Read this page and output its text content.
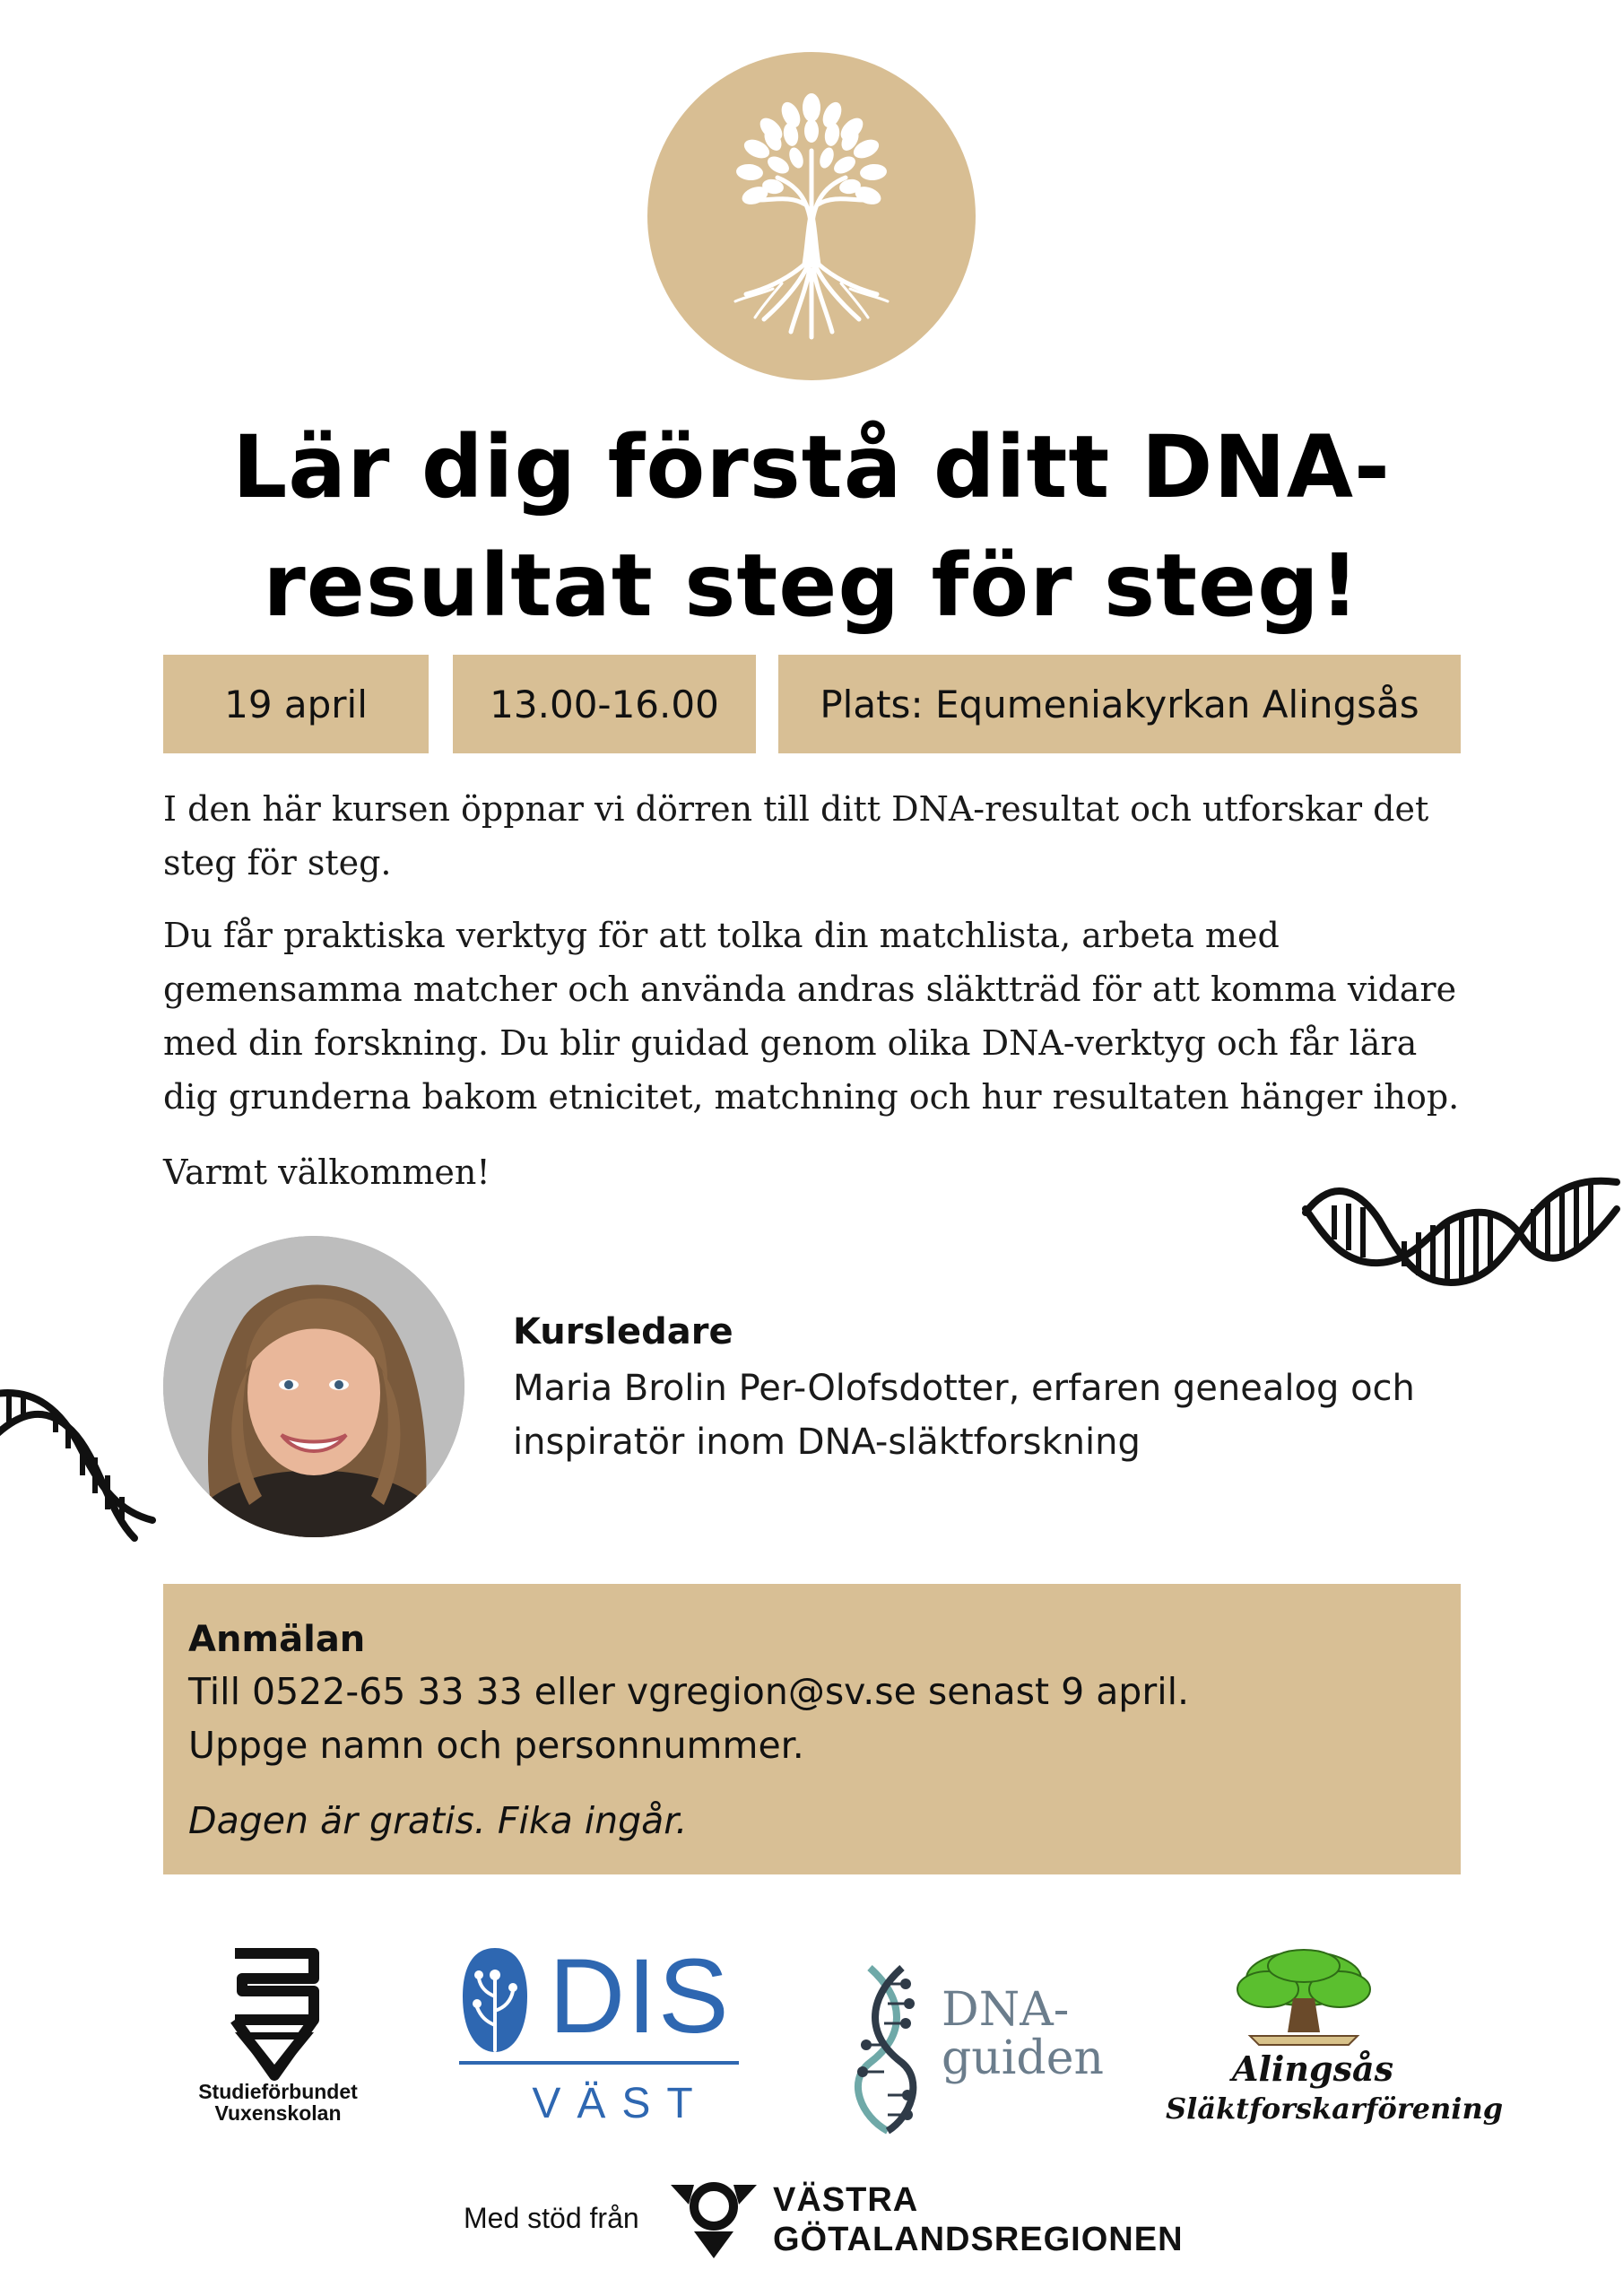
Lär dig förstå ditt DNA-resultat steg för steg!
19 april	13.00-16.00	Plats: Equmeniakyrkan Alingsås

I den här kursen öppnar vi dörren till ditt DNA-resultat och utforskar det steg för steg.

Du får praktiska verktyg för att tolka din matchlista, arbeta med gemensamma matcher och använda andras släktträd för att komma vidare med din forskning. Du blir guidad genom olika DNA-verktyg och får lära dig grunderna bakom etnicitet, matchning och hur resultaten hänger ihop.

Varmt välkommen!

Kursledare
Maria Brolin Per-Olofsdotter, erfaren genealog och inspiratör inom DNA-släktforskning
Anmälan
Till 0522-65 33 33 eller vgregion@sv.se senast 9 april.
Uppge namn och personnummer.
Dagen är gratis. Fika ingår.
Studieförbundet
Vuxenskolan
DIS
VÄST
DNA-
guiden	Alingsås
Släktforskarförening
Med stöd från	VÄSTRA
GÖTALANDSREGIONEN
